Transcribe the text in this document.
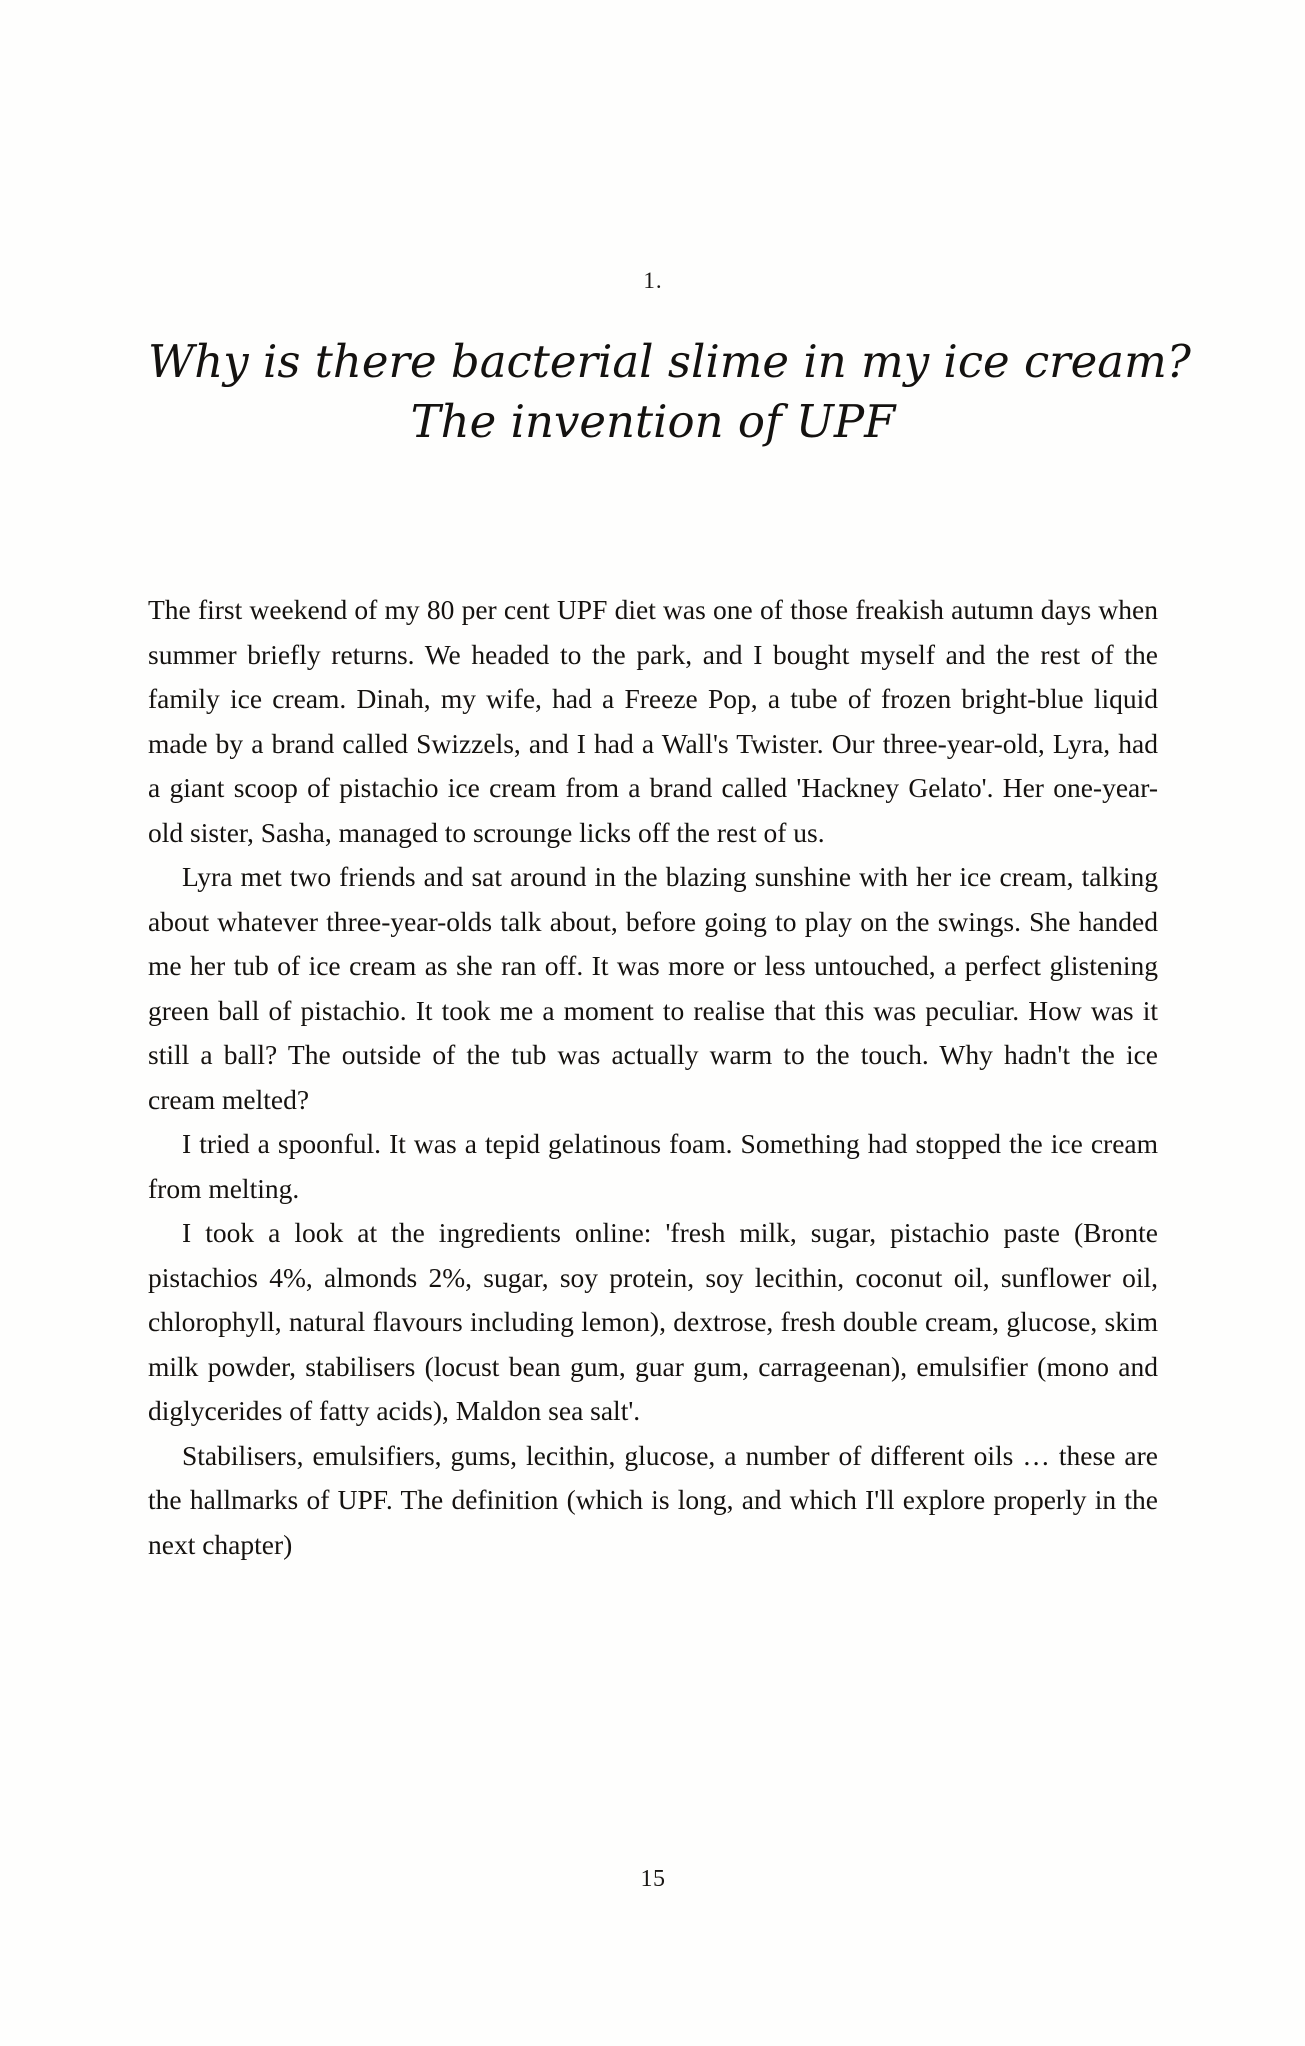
1.
Why is there bacterial slime in my ice cream?
The invention of UPF

The first weekend of my 80 per cent UPF diet was one of those freakish autumn days when summer briefly returns. We headed to the park, and I bought myself and the rest of the family ice cream. Dinah, my wife, had a Freeze Pop, a tube of frozen bright-blue liquid made by a brand called Swizzels, and I had a Wall's Twister. Our three-year-old, Lyra, had a giant scoop of pistachio ice cream from a brand called 'Hackney Gelato'. Her one-year-old sister, Sasha, managed to scrounge licks off the rest of us.

Lyra met two friends and sat around in the blazing sunshine with her ice cream, talking about whatever three-year-olds talk about, before going to play on the swings. She handed me her tub of ice cream as she ran off. It was more or less untouched, a perfect glistening green ball of pistachio. It took me a moment to realise that this was peculiar. How was it still a ball? The outside of the tub was actually warm to the touch. Why hadn't the ice cream melted?

I tried a spoonful. It was a tepid gelatinous foam. Something had stopped the ice cream from melting.

I took a look at the ingredients online: 'fresh milk, sugar, pistachio paste (Bronte pistachios 4%, almonds 2%, sugar, soy protein, soy lecithin, coconut oil, sunflower oil, chlorophyll, natural flavours including lemon), dextrose, fresh double cream, glucose, skim milk powder, stabilisers (locust bean gum, guar gum, carrageenan), emulsifier (mono and diglycerides of fatty acids), Maldon sea salt'.

Stabilisers, emulsifiers, gums, lecithin, glucose, a number of different oils … these are the hallmarks of UPF. The definition (which is long, and which I'll explore properly in the next chapter)

15
